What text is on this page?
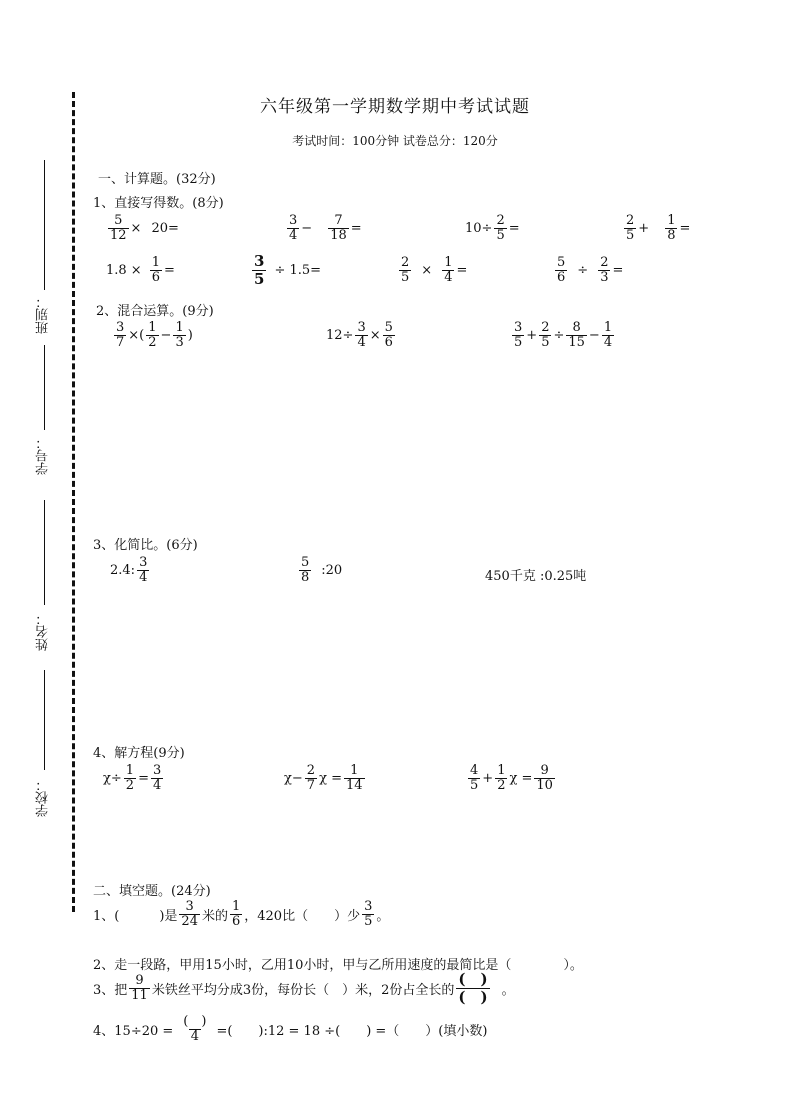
班别：
学号：
姓名：
学校：
六年级第一学期数学期中考试试题
考试时间：100分钟 试卷总分：120分
一、计算题。(32分)
1、直接写得数。(8分)
$\frac{5}{12} \times 20=$	$\frac{3}{4} - \frac{7}{18}$ =	$10\div \frac{2}{5}$ =	$\frac{2}{5} + \frac{1}{8}$ =
$1.8 \times \frac{1}{6}$ =	$\frac{3}{5} \div 1.5=$	$\frac{2}{5} \times \frac{1}{4}$ =	$\frac{5}{6} \div \frac{2}{3}$ =
2、混合运算。(9分)
$\frac{3}{7}$ ×( $\frac{1}{2} - \frac{1}{3}$ )	$12\div \frac{3}{4} \times \frac{5}{6}$	$\frac{3}{5} + \frac{2}{5} \div \frac{8}{15} - \frac{1}{4}$
3、化简比。(6分)
2.4: $\frac{3}{4}$	$\frac{5}{8}$ :20	450千克 :0.25吨
4、解方程(9分)
$\chi\div \frac{1}{2} = \frac{3}{4}$	$\chi- \frac{2}{7}$ $\chi = \frac{1}{14}$	$\frac{4}{5} + \frac{1}{2}$ $\chi = \frac{9}{10}$
二、填空题。(24分)
1、(	)是 $\frac{3}{24}$ 米的 $\frac{1}{6}$ ，420比（ ）少 $\frac{3}{5}$ 。
2、走一段路，甲用15小时，乙用10小时，甲与乙所用速度的最简比是（　　　　）。
3、把 $\frac{9}{11}$ 米铁丝平均分成3份，每份长（　）米，2份占全长的 $\frac{( )}{( )}$ 。
4、$15\div 20 = \frac{( )}{4}$ =(　　):12 = 18 ÷(　　) =（　　）(填小数)
